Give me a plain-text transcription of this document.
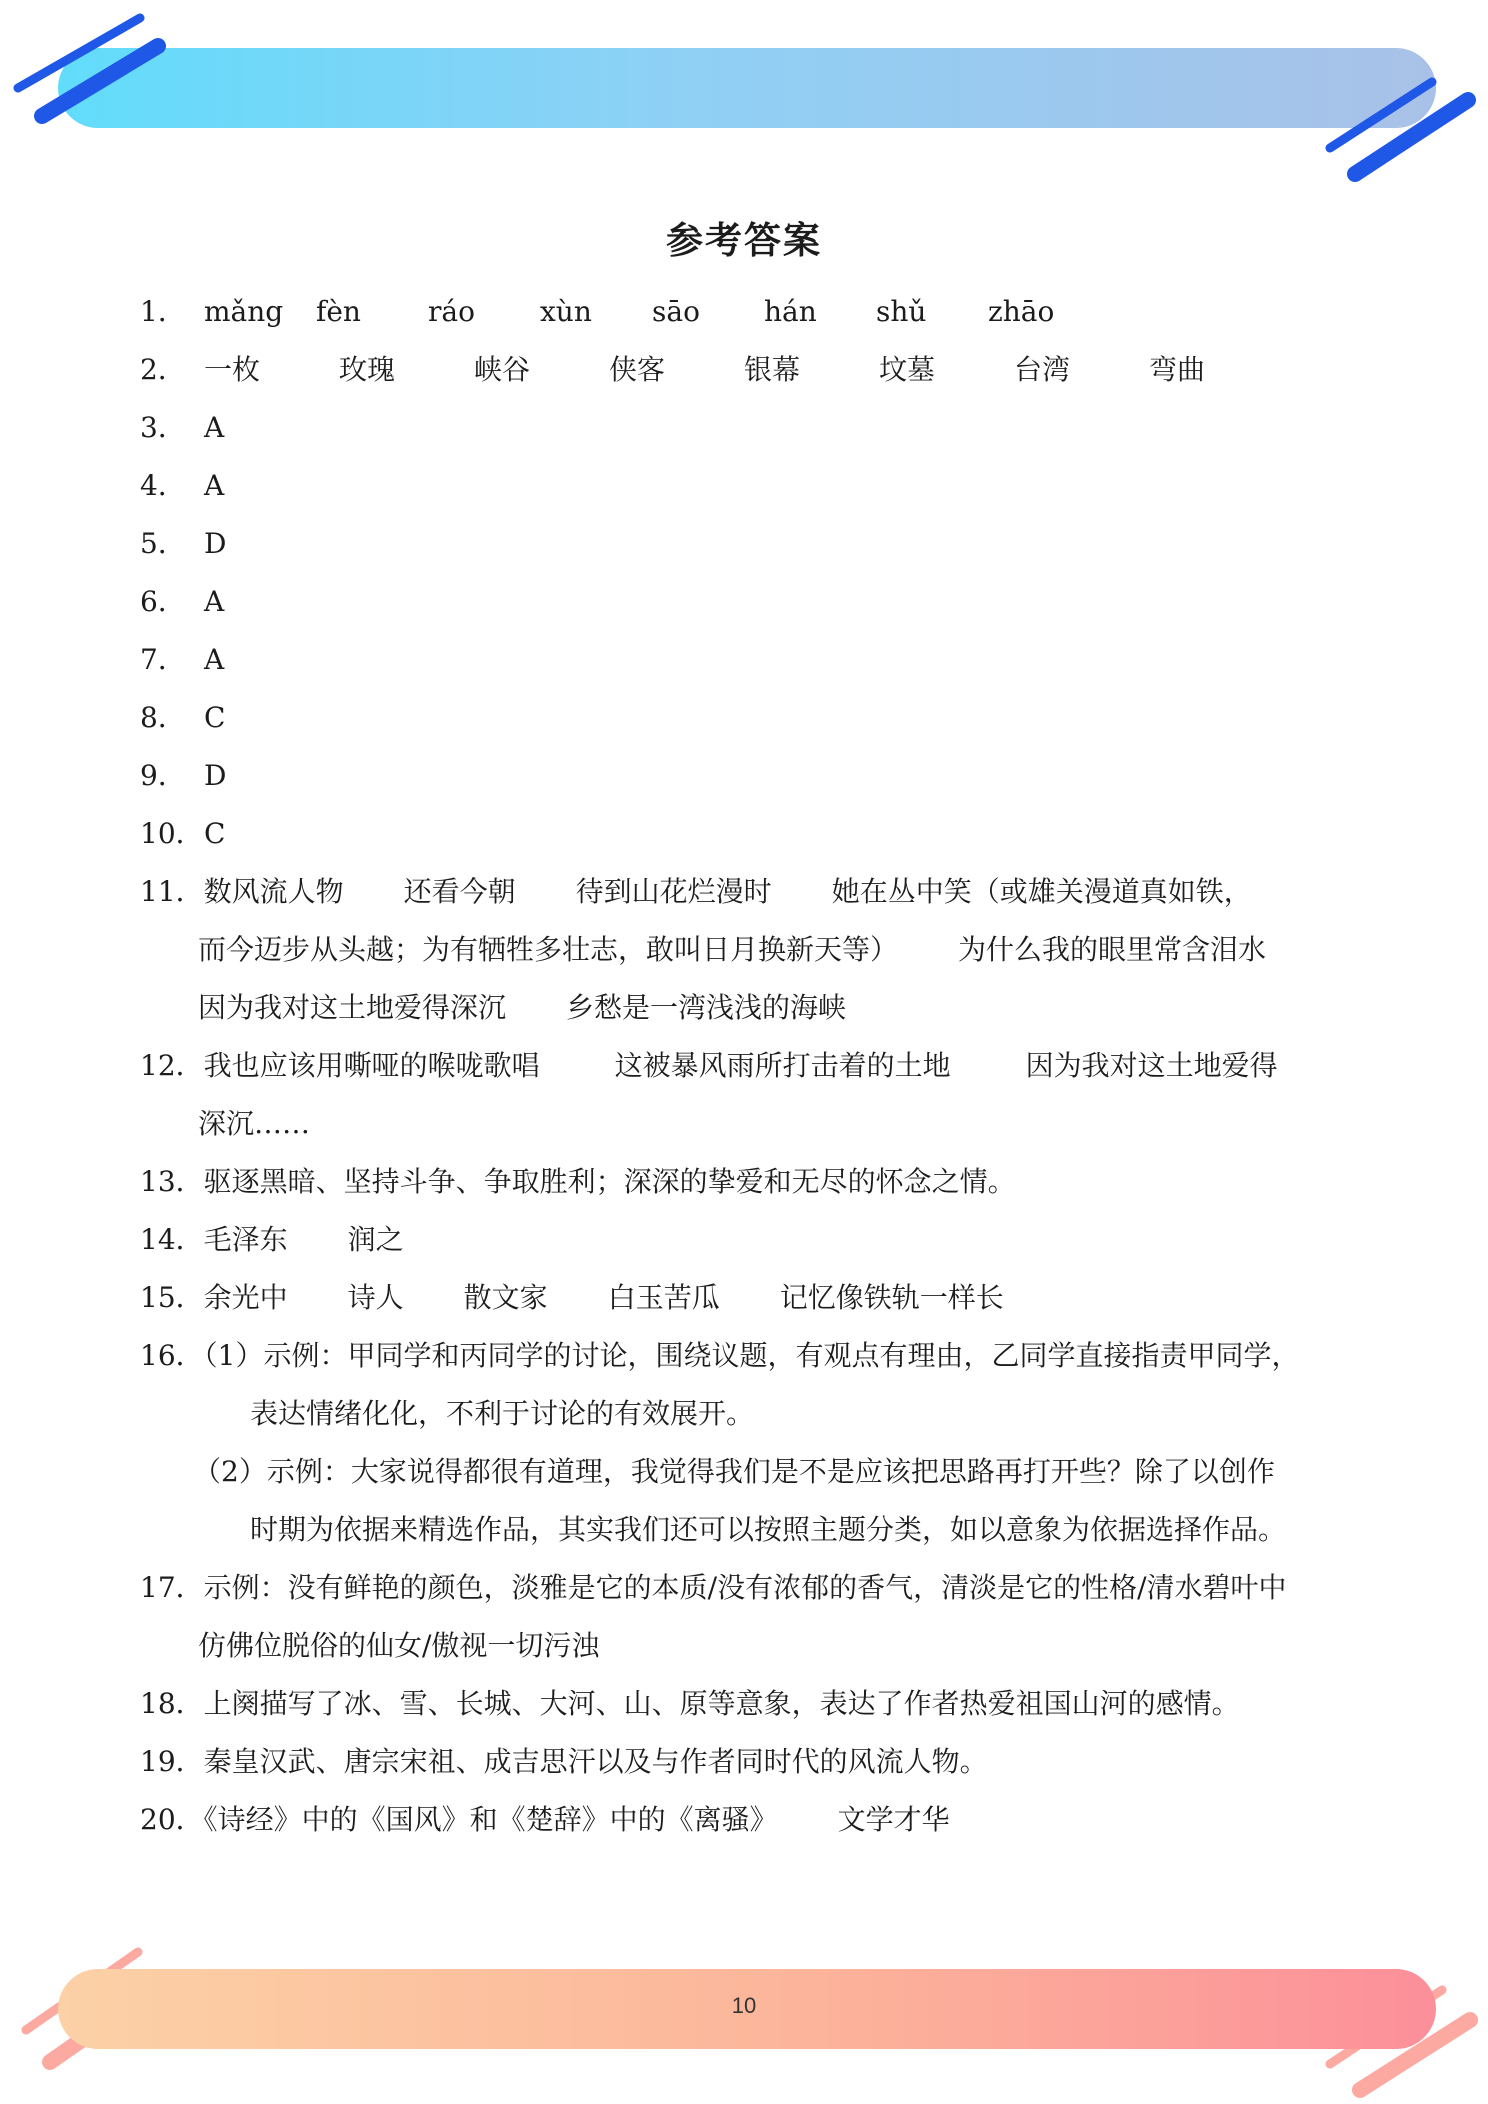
参考答案

1． mǎng fèn ráo xùn sāo hán shǔ zhāo

2． 一枚	玫瑰	峡谷	侠客	银幕	坟墓	台湾	弯曲

3． A

4． A

5． D

6． A

7． A

8． C

9． D

10．C

11．数风流人物 还看今朝 待到山花烂漫时 她在丛中笑（或雄关漫道真如铁，

而今迈步从头越；为有牺牲多壮志，敢叫日月换新天等） 为什么我的眼里常含泪水

因为我对这土地爱得深沉 乡愁是一湾浅浅的海峡

12．我也应该用嘶哑的喉咙歌唱	这被暴风雨所打击着的土地	因为我对这土地爱得

深沉……

13．驱逐黑暗、坚持斗争、争取胜利；深深的挚爱和无尽的怀念之情。

14．毛泽东 润之

15．余光中 诗人 散文家 白玉苦瓜 记忆像铁轨一样长

16．（1）示例：甲同学和丙同学的讨论，围绕议题，有观点有理由，乙同学直接指责甲同学，

表达情绪化化，不利于讨论的有效展开。

（2）示例：大家说得都很有道理，我觉得我们是不是应该把思路再打开些？除了以创作

时期为依据来精选作品，其实我们还可以按照主题分类，如以意象为依据选择作品。

17．示例：没有鲜艳的颜色，淡雅是它的本质/没有浓郁的香气，清淡是它的性格/清水碧叶中

仿佛位脱俗的仙女/傲视一切污浊

18．上阕描写了冰、雪、长城、大河、山、原等意象，表达了作者热爱祖国山河的感情。

19．秦皇汉武、唐宗宋祖、成吉思汗以及与作者同时代的风流人物。

20．《诗经》中的《国风》和《楚辞》中的《离骚》 文学才华

10
